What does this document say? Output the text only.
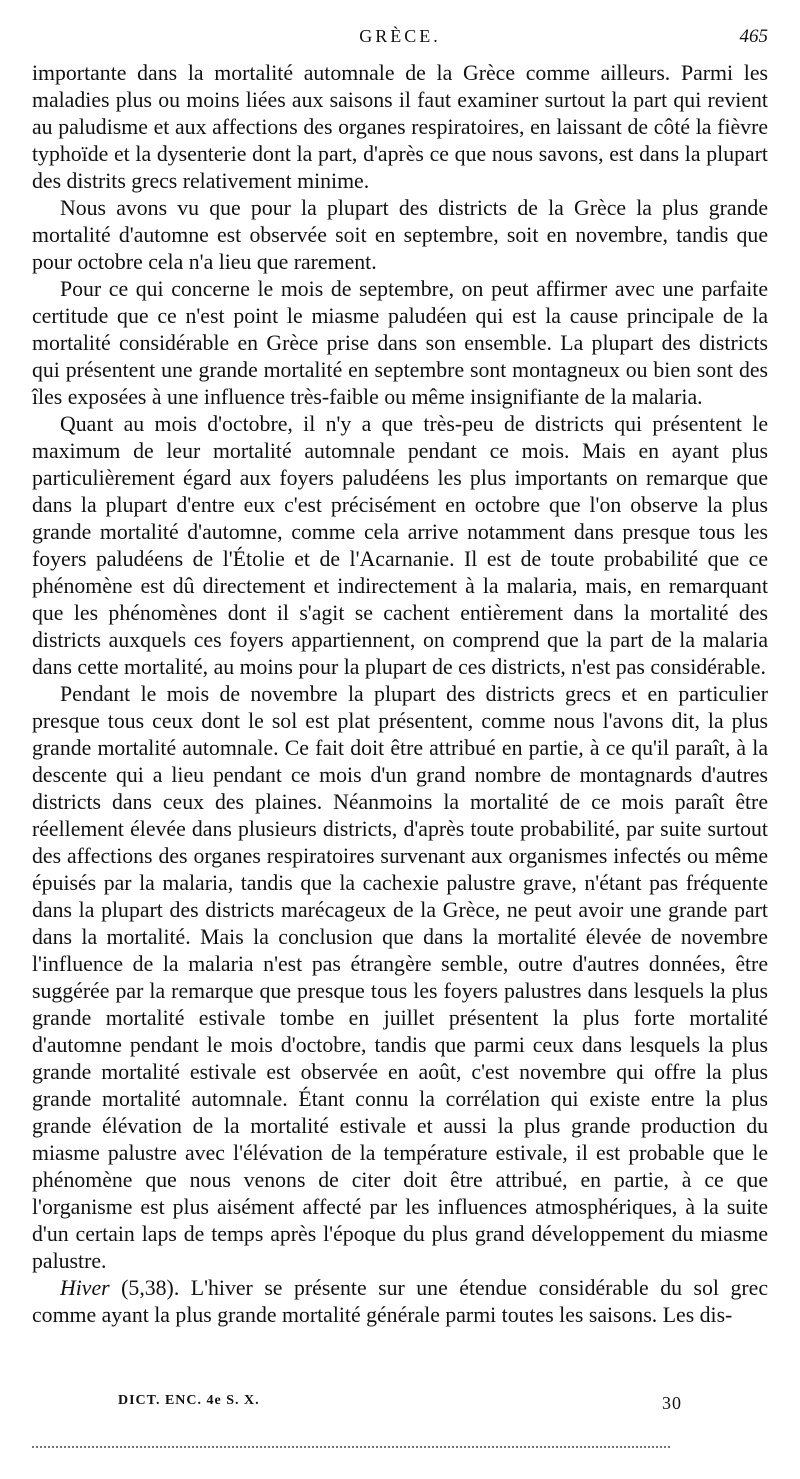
GRÈCE.	465

importante dans la mortalité automnale de la Grèce comme ailleurs. Parmi les maladies plus ou moins liées aux saisons il faut examiner surtout la part qui revient au paludisme et aux affections des organes respiratoires, en laissant de côté la fièvre typhoïde et la dysenterie dont la part, d'après ce que nous savons, est dans la plupart des distrits grecs relativement minime.

Nous avons vu que pour la plupart des districts de la Grèce la plus grande mortalité d'automne est observée soit en septembre, soit en novembre, tandis que pour octobre cela n'a lieu que rarement.

Pour ce qui concerne le mois de septembre, on peut affirmer avec une parfaite certitude que ce n'est point le miasme paludéen qui est la cause principale de la mortalité considérable en Grèce prise dans son ensemble. La plupart des districts qui présentent une grande mortalité en septembre sont montagneux ou bien sont des îles exposées à une influence très-faible ou même insignifiante de la malaria.

Quant au mois d'octobre, il n'y a que très-peu de districts qui présentent le maximum de leur mortalité automnale pendant ce mois. Mais en ayant plus particulièrement égard aux foyers paludéens les plus importants on remarque que dans la plupart d'entre eux c'est précisément en octobre que l'on observe la plus grande mortalité d'automne, comme cela arrive notamment dans presque tous les foyers paludéens de l'Étolie et de l'Acarnanie. Il est de toute probabilité que ce phénomène est dû directement et indirectement à la malaria, mais, en remarquant que les phénomènes dont il s'agit se cachent entièrement dans la mortalité des districts auxquels ces foyers appartiennent, on comprend que la part de la malaria dans cette mortalité, au moins pour la plupart de ces districts, n'est pas considérable.

Pendant le mois de novembre la plupart des districts grecs et en particulier presque tous ceux dont le sol est plat présentent, comme nous l'avons dit, la plus grande mortalité automnale. Ce fait doit être attribué en partie, à ce qu'il paraît, à la descente qui a lieu pendant ce mois d'un grand nombre de montagnards d'autres districts dans ceux des plaines. Néanmoins la mortalité de ce mois paraît être réellement élevée dans plusieurs districts, d'après toute probabilité, par suite surtout des affections des organes respiratoires survenant aux organismes infectés ou même épuisés par la malaria, tandis que la cachexie palustre grave, n'étant pas fréquente dans la plupart des districts marécageux de la Grèce, ne peut avoir une grande part dans la mortalité. Mais la conclusion que dans la mortalité élevée de novembre l'influence de la malaria n'est pas étrangère semble, outre d'autres données, être suggérée par la remarque que presque tous les foyers palustres dans lesquels la plus grande mortalité estivale tombe en juillet présentent la plus forte mortalité d'automne pendant le mois d'octobre, tandis que parmi ceux dans lesquels la plus grande mortalité estivale est observée en août, c'est novembre qui offre la plus grande mortalité automnale. Étant connu la corrélation qui existe entre la plus grande élévation de la mortalité estivale et aussi la plus grande production du miasme palustre avec l'élévation de la température estivale, il est probable que le phénomène que nous venons de citer doit être attribué, en partie, à ce que l'organisme est plus aisément affecté par les influences atmosphériques, à la suite d'un certain laps de temps après l'époque du plus grand développement du miasme palustre.

Hiver (5,38). L'hiver se présente sur une étendue considérable du sol grec comme ayant la plus grande mortalité générale parmi toutes les saisons. Les dis-

DICT. ENC. 4e S. X.	30
